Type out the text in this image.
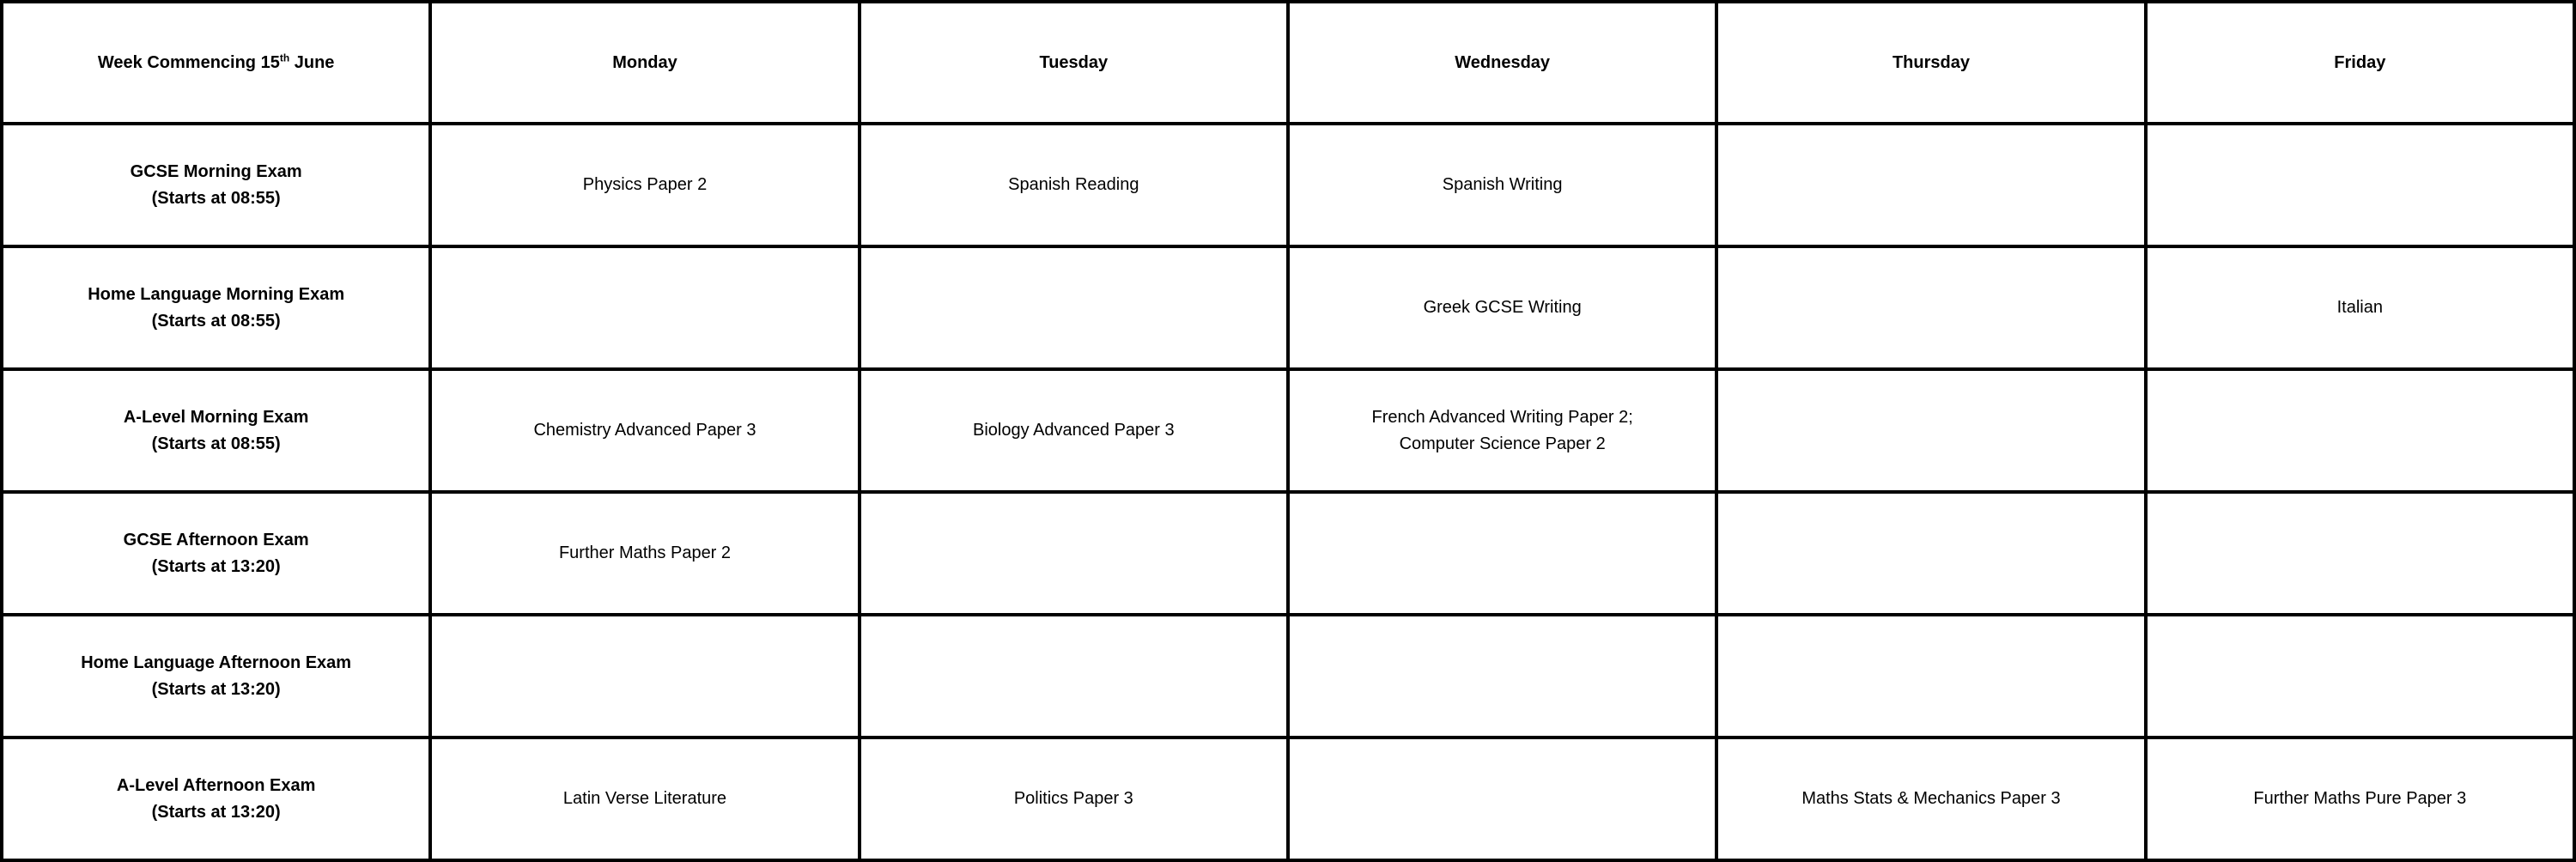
Week Commencing 15th June	Monday	Tuesday	Wednesday	Thursday	Friday

GCSE Morning Exam
(Starts at 08:55)	Physics Paper 2	Spanish Reading	Spanish Writing		

Home Language Morning Exam
(Starts at 08:55)			Greek GCSE Writing		Italian

A-Level Morning Exam
(Starts at 08:55)	Chemistry Advanced Paper 3	Biology Advanced Paper 3	French Advanced Writing Paper 2;
Computer Science Paper 2		

GCSE Afternoon Exam
(Starts at 13:20)	Further Maths Paper 2				

Home Language Afternoon Exam
(Starts at 13:20)					

A-Level Afternoon Exam
(Starts at 13:20)	Latin Verse Literature	Politics Paper 3		Maths Stats & Mechanics Paper 3	Further Maths Pure Paper 3
